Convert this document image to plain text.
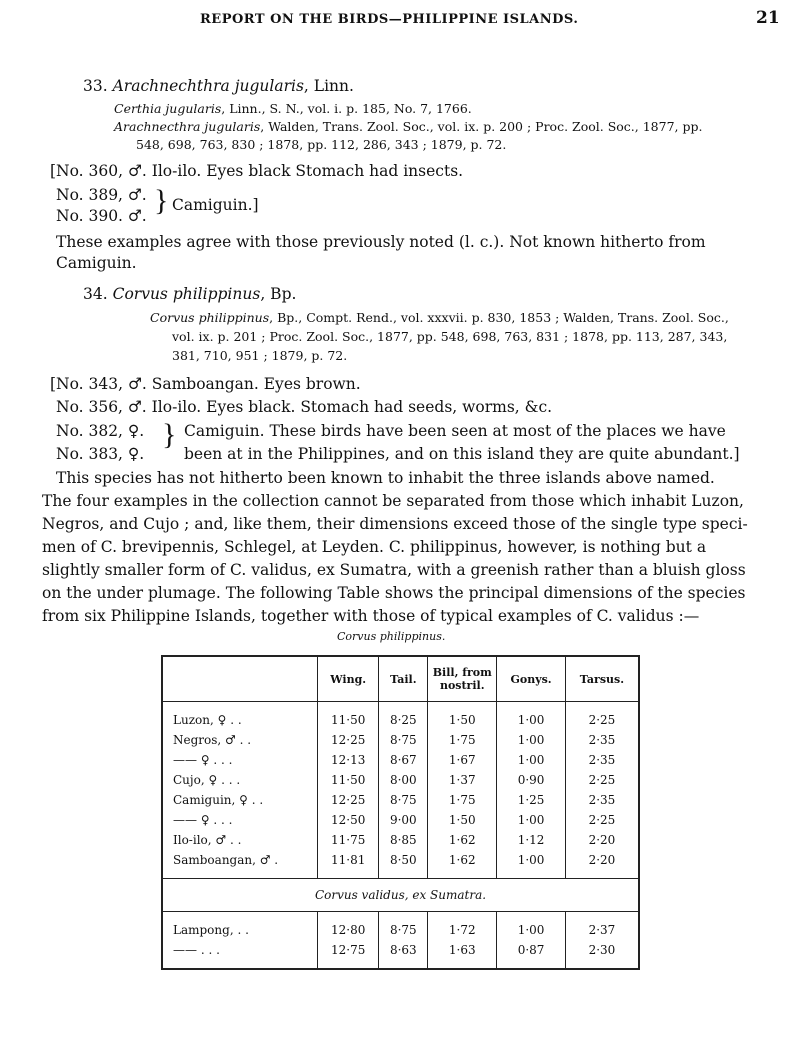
REPORT ON THE BIRDS—PHILIPPINE ISLANDS.	21
33. Arachnechthra jugularis, Linn.
Certhia jugularis, Linn., S. N., vol. i. p. 185, No. 7, 1766.
Arachnecthra jugularis, Walden, Trans. Zool. Soc., vol. ix. p. 200 ; Proc. Zool. Soc., 1877, pp.
548, 698, 763, 830 ; 1878, pp. 112, 286, 343 ; 1879, p. 72.
[No. 360, ♂. Ilo-ilo. Eyes black Stomach had insects.
No. 389, ♂.
No. 390. ♂. } Camiguin.]
These examples agree with those previously noted (l. c.). Not known hitherto from
Camiguin.
34. Corvus philippinus, Bp.
Corvus philippinus, Bp., Compt. Rend., vol. xxxvii. p. 830, 1853 ; Walden, Trans. Zool. Soc.,
vol. ix. p. 201 ; Proc. Zool. Soc., 1877, pp. 548, 698, 763, 831 ; 1878, pp. 113, 287, 343,
381, 710, 951 ; 1879, p. 72.
[No. 343, ♂. Samboangan. Eyes brown.
No. 356, ♂. Ilo-ilo. Eyes black. Stomach had seeds, worms, &c.
No. 382, ♀.
No. 383, ♀.
} Camiguin. These birds have been seen at most of the places we have
been at in the Philippines, and on this island they are quite abundant.]
This species has not hitherto been known to inhabit the three islands above named.
The four examples in the collection cannot be separated from those which inhabit Luzon,
Negros, and Cujo ; and, like them, their dimensions exceed those of the single type speci-
men of C. brevipennis, Schlegel, at Leyden. C. philippinus, however, is nothing but a
slightly smaller form of C. validus, ex Sumatra, with a greenish rather than a bluish gloss
on the under plumage. The following Table shows the principal dimensions of the species
from six Philippine Islands, together with those of typical examples of C. validus :—
Corvus philippinus.
	Wing.	Tail.	Bill, from nostril.	Gonys.	Tarsus.

Luzon, ♀ . .	11·50	8·25	1·50	1·00	2·25
Negros, ♂ . .	12·25	8·75	1·75	1·00	2·35
—— ♀ . . .	12·13	8·67	1·67	1·00	2·35
Cujo, ♀ . . .	11·50	8·00	1·37	0·90	2·25
Camiguin, ♀ . .	12·25	8·75	1·75	1·25	2·35
—— ♀ . . .	12·50	9·00	1·50	1·00	2·25
Ilo-ilo, ♂ . .	11·75	8·85	1·62	1·12	2·20
Samboangan, ♂ .	11·81	8·50	1·62	1·00	2·20

Corvus validus, ex Sumatra.					

Lampong, . .	12·80	8·75	1·72	1·00	2·37
—— . . .	12·75	8·63	1·63	0·87	2·30
